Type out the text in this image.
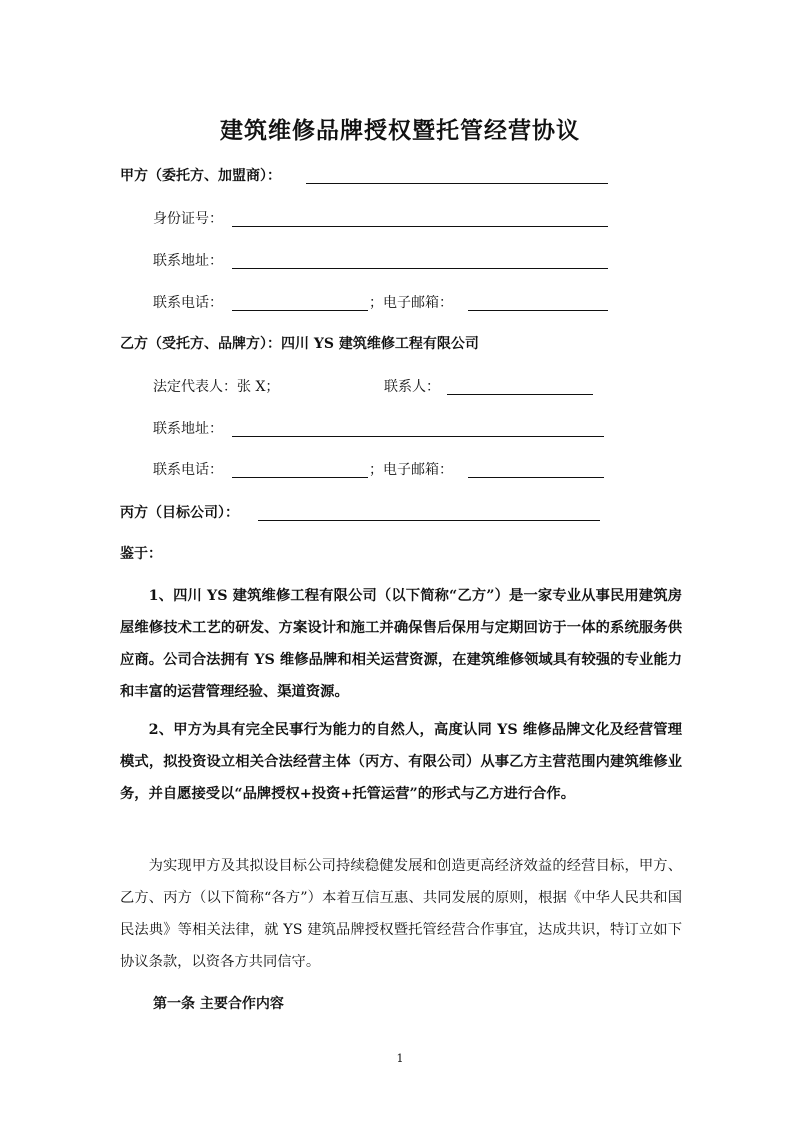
建筑维修品牌授权暨托管经营协议
甲方（委托方、加盟商）：
身份证号：
联系地址：
联系电话：	；电子邮箱：
乙方（受托方、品牌方）：四川 YS 建筑维修工程有限公司
法定代表人：张 X；	联系人：
联系地址：
联系电话：	；电子邮箱：
丙方（目标公司）：
鉴于：
1、四川 YS 建筑维修工程有限公司（以下简称“乙方”）是一家专业从事民用建筑房屋维修技术工艺的研发、方案设计和施工并确保售后保用与定期回访于一体的系统服务供应商。公司合法拥有 YS 维修品牌和相关运营资源，在建筑维修领域具有较强的专业能力和丰富的运营管理经验、渠道资源。
2、甲方为具有完全民事行为能力的自然人，高度认同 YS 维修品牌文化及经营管理模式，拟投资设立相关合法经营主体（丙方、有限公司）从事乙方主营范围内建筑维修业务，并自愿接受以“品牌授权+投资+托管运营”的形式与乙方进行合作。
为实现甲方及其拟设目标公司持续稳健发展和创造更高经济效益的经营目标，甲方、乙方、丙方（以下简称“各方”）本着互信互惠、共同发展的原则，根据《中华人民共和国民法典》等相关法律，就 YS 建筑品牌授权暨托管经营合作事宜，达成共识，特订立如下协议条款，以资各方共同信守。
第一条 主要合作内容
1
